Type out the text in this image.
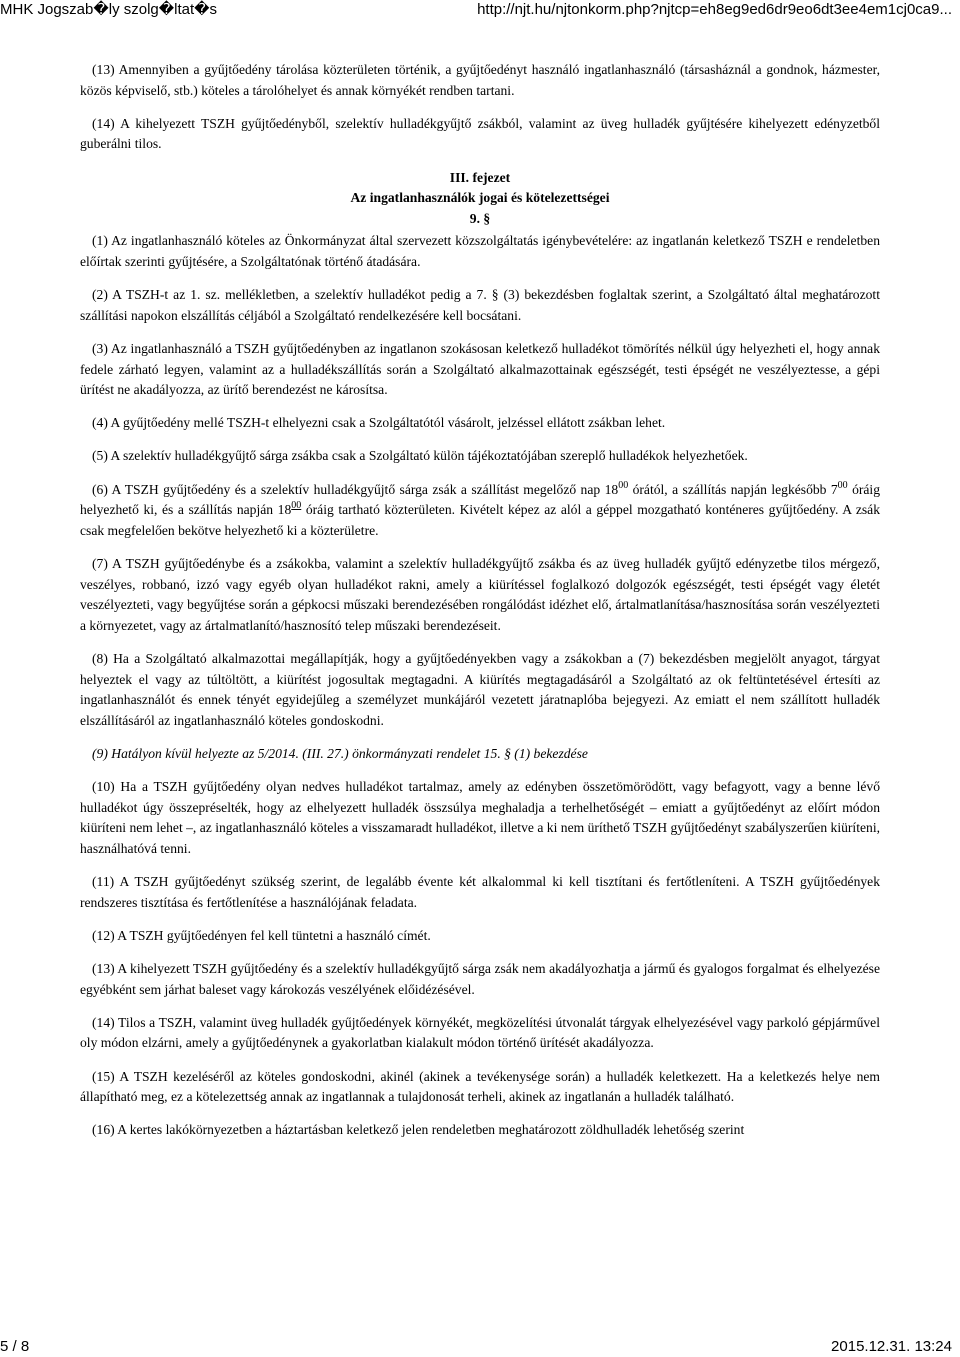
MHK Jogszab�ly szolg�ltat�s	http://njt.hu/njtonkorm.php?njtcp=eh8eg9ed6dr9eo6dt3ee4em1cj0ca9...

(13) Amennyiben a gyűjtőedény tárolása közterületen történik, a gyűjtőedényt használó ingatlanhasználó (társasháznál a gondnok, házmester, közös képviselő, stb.) köteles a tárolóhelyet és annak környékét rendben tartani.

(14) A kihelyezett TSZH gyűjtőedényből, szelektív hulladékgyűjtő zsákból, valamint az üveg hulladék gyűjtésére kihelyezett edényzetből guberálni tilos.

III. fejezet
Az ingatlanhasználók jogai és kötelezettségei
9. §

(1) Az ingatlanhasználó köteles az Önkormányzat által szervezett közszolgáltatás igénybevételére: az ingatlanán keletkező TSZH e rendeletben előírtak szerinti gyűjtésére, a Szolgáltatónak történő átadására.

(2) A TSZH-t az 1. sz. mellékletben, a szelektív hulladékot pedig a 7. § (3) bekezdésben foglaltak szerint, a Szolgáltató által meghatározott szállítási napokon elszállítás céljából a Szolgáltató rendelkezésére kell bocsátani.

(3) Az ingatlanhasználó a TSZH gyűjtőedényben az ingatlanon szokásosan keletkező hulladékot tömörítés nélkül úgy helyezheti el, hogy annak fedele zárható legyen, valamint az a hulladékszállítás során a Szolgáltató alkalmazottainak egészségét, testi épségét ne veszélyeztesse, a gépi ürítést ne akadályozza, az ürítő berendezést ne károsítsa.

(4) A gyűjtőedény mellé TSZH-t elhelyezni csak a Szolgáltatótól vásárolt, jelzéssel ellátott zsákban lehet.

(5) A szelektív hulladékgyűjtő sárga zsákba csak a Szolgáltató külön tájékoztatójában szereplő hulladékok helyezhetőek.

(6) A TSZH gyűjtőedény és a szelektív hulladékgyűjtő sárga zsák a szállítást megelőző nap $18^{00}$ órától, a szállítás napján legkésőbb $7^{00}$ óráig helyezhető ki, és a szállítás napján $18^{00}$ óráig tartható közterületen. Kivételt képez az alól a géppel mozgatható konténeres gyűjtőedény. A zsák csak megfelelően bekötve helyezhető ki a közterületre.

(7) A TSZH gyűjtőedénybe és a zsákokba, valamint a szelektív hulladékgyűjtő zsákba és az üveg hulladék gyűjtő edényzetbe tilos mérgező, veszélyes, robbanó, izzó vagy egyéb olyan hulladékot rakni, amely a kiürítéssel foglalkozó dolgozók egészségét, testi épségét vagy életét veszélyezteti, vagy begyűjtése során a gépkocsi műszaki berendezésében rongálódást idézhet elő, ártalmatlanítása/hasznosítása során veszélyezteti a környezetet, vagy az ártalmatlanító/hasznosító telep műszaki berendezéseit.

(8) Ha a Szolgáltató alkalmazottai megállapítják, hogy a gyűjtőedényekben vagy a zsákokban a (7) bekezdésben megjelölt anyagot, tárgyat helyeztek el vagy az túltöltött, a kiürítést jogosultak megtagadni. A kiürítés megtagadásáról a Szolgáltató az ok feltüntetésével értesíti az ingatlanhasználót és ennek tényét egyidejűleg a személyzet munkájáról vezetett járatnaplóba bejegyezi. Az emiatt el nem szállított hulladék elszállításáról az ingatlanhasználó köteles gondoskodni.

(9) Hatályon kívül helyezte az 5/2014. (III. 27.) önkormányzati rendelet 15. § (1) bekezdése

(10) Ha a TSZH gyűjtőedény olyan nedves hulladékot tartalmaz, amely az edényben összetömörödött, vagy befagyott, vagy a benne lévő hulladékot úgy összepréselték, hogy az elhelyezett hulladék összsúlya meghaladja a terhelhetőségét – emiatt a gyűjtőedényt az előírt módon kiüríteni nem lehet –, az ingatlanhasználó köteles a visszamaradt hulladékot, illetve a ki nem üríthető TSZH gyűjtőedényt szabályszerűen kiüríteni, használhatóvá tenni.

(11) A TSZH gyűjtőedényt szükség szerint, de legalább évente két alkalommal ki kell tisztítani és fertőtleníteni. A TSZH gyűjtőedények rendszeres tisztítása és fertőtlenítése a használójának feladata.

(12) A TSZH gyűjtőedényen fel kell tüntetni a használó címét.

(13) A kihelyezett TSZH gyűjtőedény és a szelektív hulladékgyűjtő sárga zsák nem akadályozhatja a jármű és gyalogos forgalmat és elhelyezése egyébként sem járhat baleset vagy károkozás veszélyének előidézésével.

(14) Tilos a TSZH, valamint üveg hulladék gyűjtőedények környékét, megközelítési útvonalát tárgyak elhelyezésével vagy parkoló gépjárművel oly módon elzárni, amely a gyűjtőedénynek a gyakorlatban kialakult módon történő ürítését akadályozza.

(15) A TSZH kezeléséről az köteles gondoskodni, akinél (akinek a tevékenysége során) a hulladék keletkezett. Ha a keletkezés helye nem állapítható meg, ez a kötelezettség annak az ingatlannak a tulajdonosát terheli, akinek az ingatlanán a hulladék található.

(16) A kertes lakókörnyezetben a háztartásban keletkező jelen rendeletben meghatározott zöldhulladék lehetőség szerint

5 / 8	2015.12.31. 13:24
